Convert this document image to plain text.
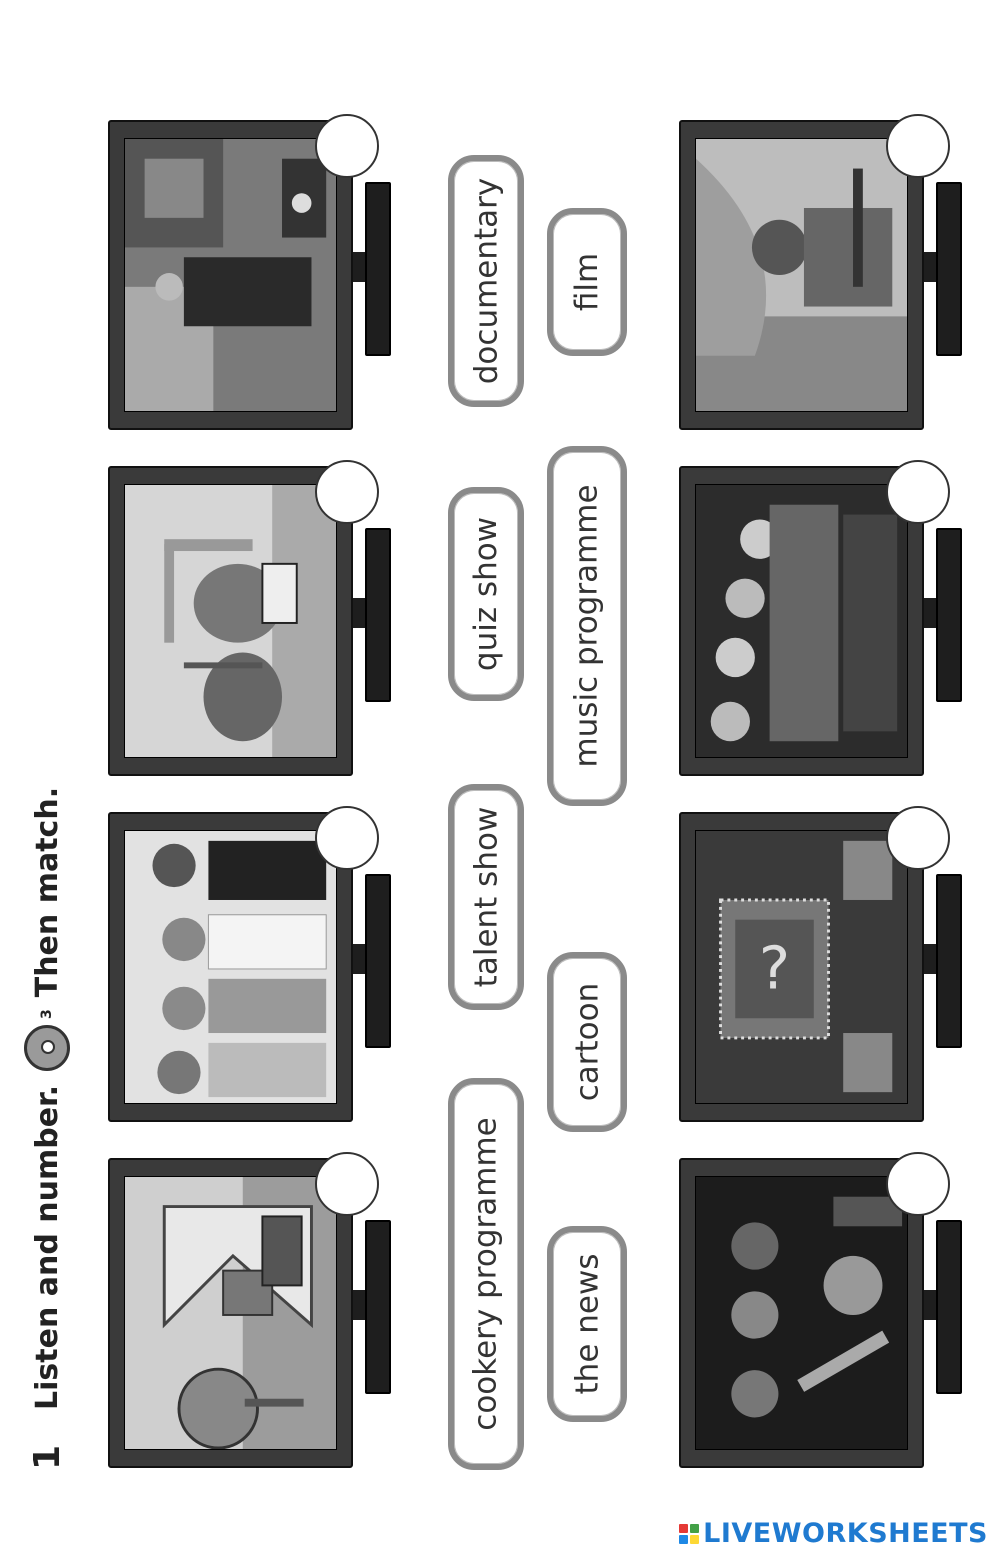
1
Listen and number.
3
Then match.	?
cookery programme
talent show
quiz show
documentary
the news
cartoon
music programme
film
LIVEWORKSHEETS
